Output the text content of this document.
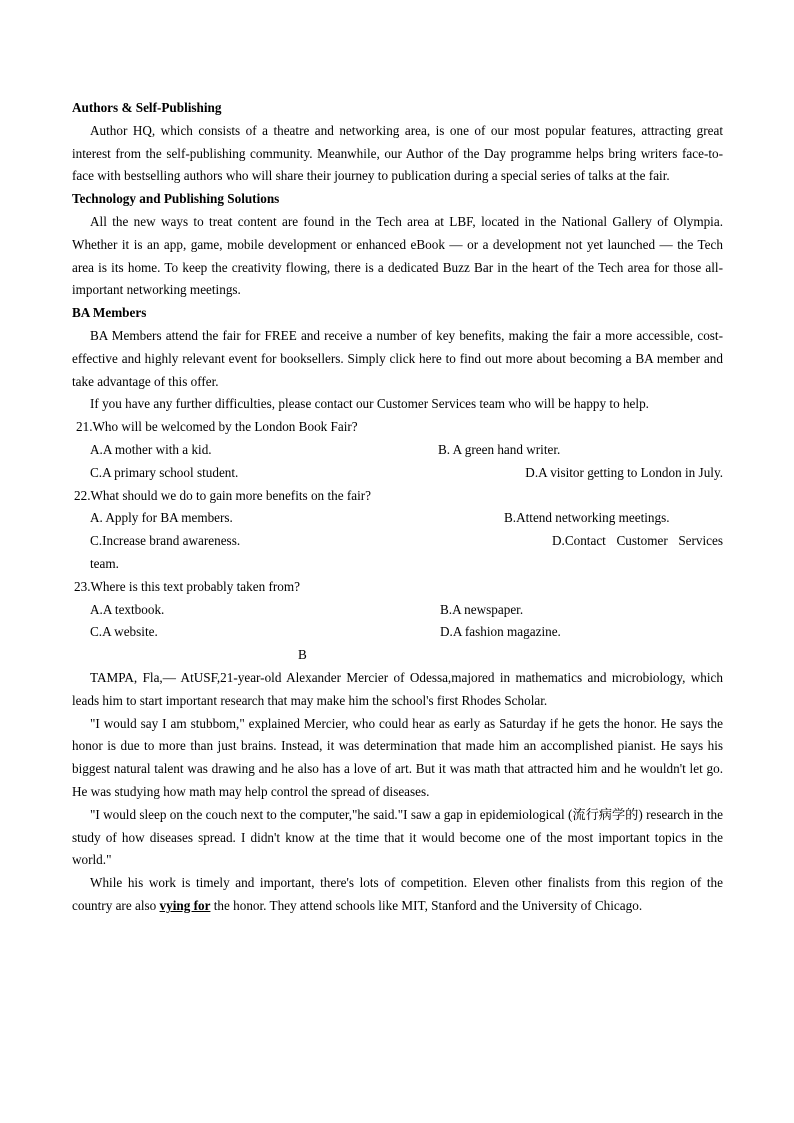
Authors & Self-Publishing

Author HQ, which consists of a theatre and networking area, is one of our most popular features, attracting great interest from the self-publishing community. Meanwhile, our Author of the Day programme helps bring writers face-to-face with bestselling authors who will share their journey to publication during a special series of talks at the fair.

Technology and Publishing Solutions

All the new ways to treat content are found in the Tech area at LBF, located in the National Gallery of Olympia. Whether it is an app, game, mobile development or enhanced eBook — or a development not yet launched — the Tech area is its home. To keep the creativity flowing, there is a dedicated Buzz Bar in the heart of the Tech area for those all-important networking meetings.

BA Members

BA Members attend the fair for FREE and receive a number of key benefits, making the fair a more accessible, cost-effective and highly relevant event for booksellers. Simply click here to find out more about becoming a BA member and take advantage of this offer.

If you have any further difficulties, please contact our Customer Services team who will be happy to help.

21.Who will be welcomed by the London Book Fair?
A.A mother with a kid.	B. A green hand writer.
C.A primary school student.	D.A visitor getting to London in July.
22.What should we do to gain more benefits on the fair?
A. Apply for BA members.	B.Attend networking meetings.
C.Increase brand awareness.	D.Contact Customer Services team.
23.Where is this text probably taken from?
A.A textbook.	B.A newspaper.
C.A website.	D.A fashion magazine.
B

TAMPA, Fla,— AtUSF,21-year-old Alexander Mercier of Odessa,majored in mathematics and microbiology, which leads him to start important research that may make him the school's first Rhodes Scholar.

"I would say I am stubbom," explained Mercier, who could hear as early as Saturday if he gets the honor. He says the honor is due to more than just brains. Instead, it was determination that made him an accomplished pianist. He says his biggest natural talent was drawing and he also has a love of art. But it was math that attracted him and he wouldn't let go. He was studying how math may help control the spread of diseases.

"I would sleep on the couch next to the computer,"he said."I saw a gap in epidemiological (流行病学的) research in the study of how diseases spread. I didn't know at the time that it would become one of the most important topics in the world."

While his work is timely and important, there's lots of competition. Eleven other finalists from this region of the country are also vying for the honor. They attend schools like MIT, Stanford and the University of Chicago.
